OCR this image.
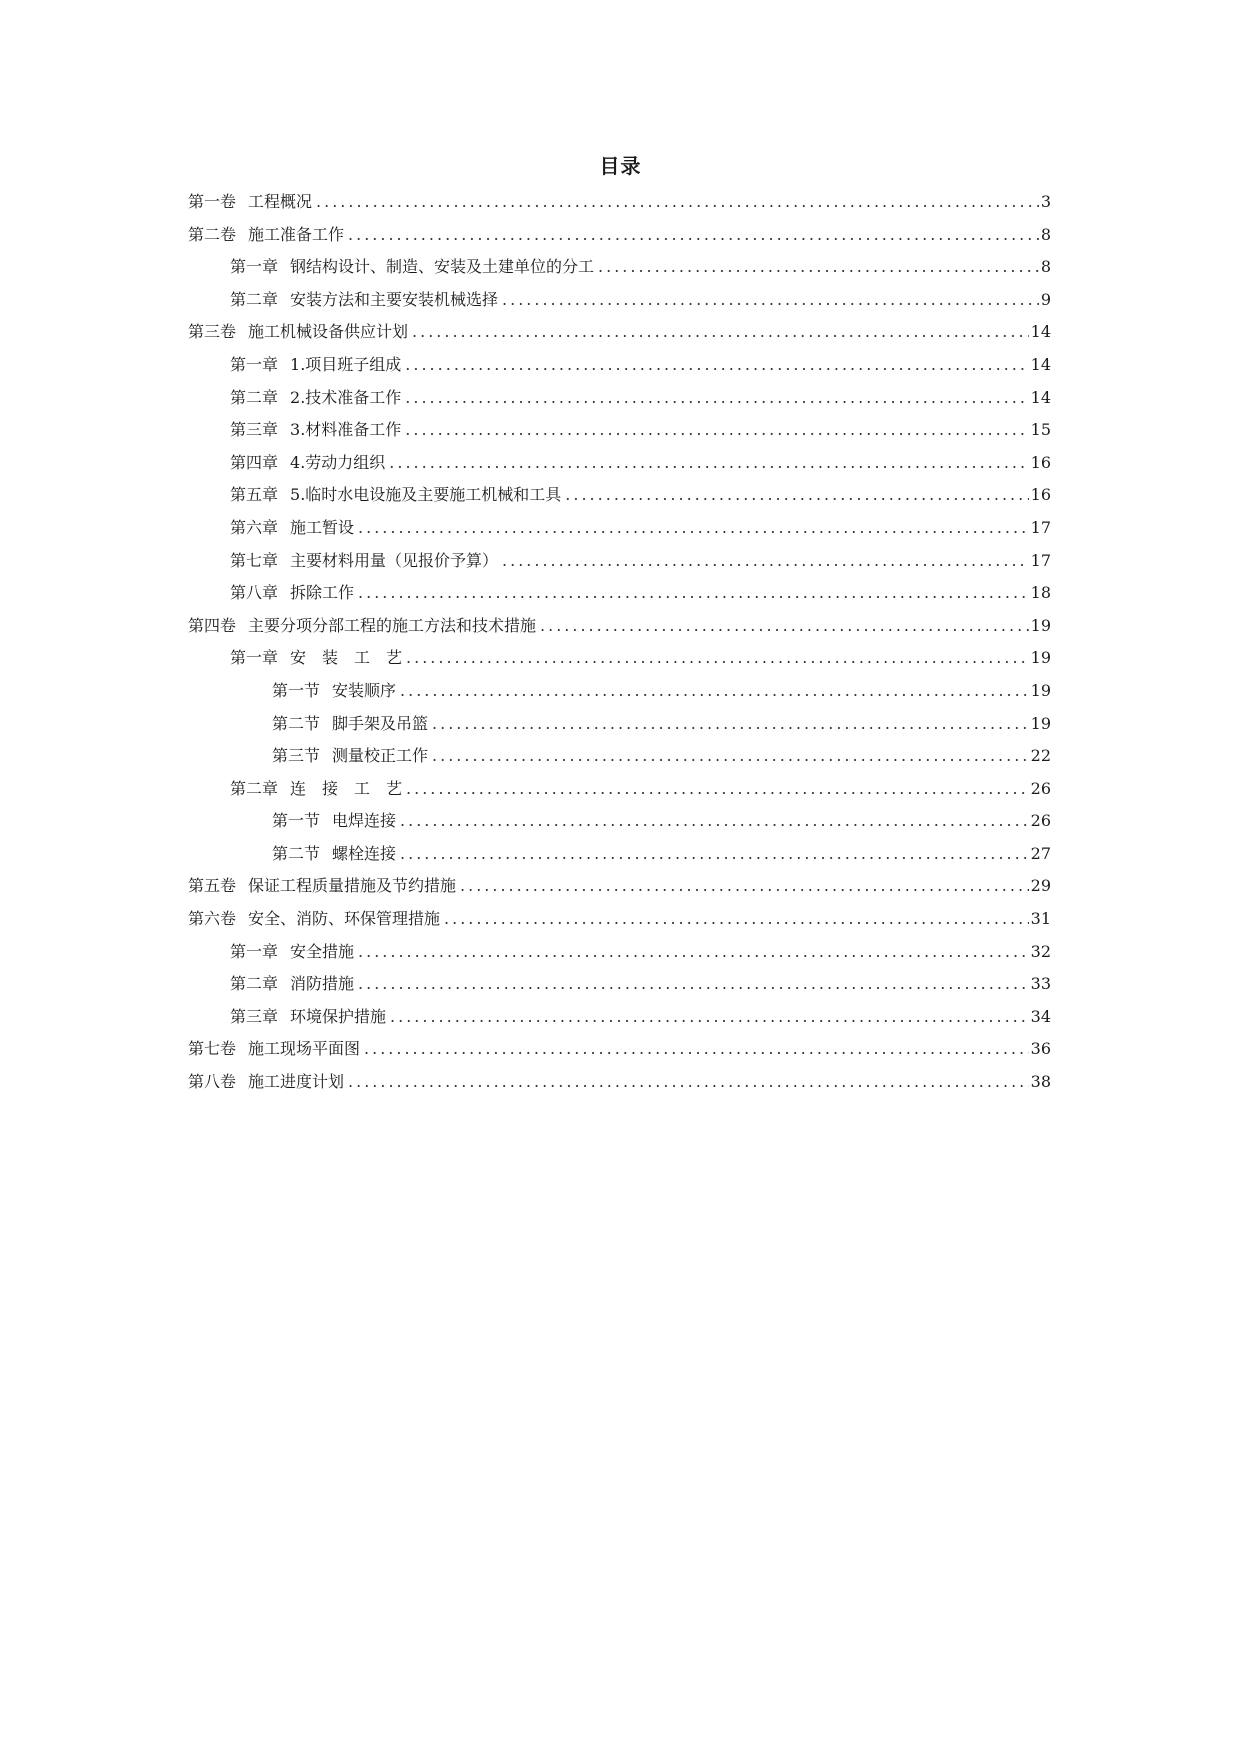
目录
第一卷 工程概况 .....	3
第二卷 施工准备工作 .....	8
第一章 钢结构设计、制造、安装及土建单位的分工 .....	8
第二章 安装方法和主要安装机械选择 .....	9
第三卷 施工机械设备供应计划 .....	14
第一章 1.项目班子组成 .....	14
第二章 2.技术准备工作 .....	14
第三章 3.材料准备工作 .....	15
第四章 4.劳动力组织 .....	16
第五章 5.临时水电设施及主要施工机械和工具 .....	16
第六章 施工暂设 .....	17
第七章 主要材料用量（见报价予算） .....	17
第八章 拆除工作 .....	18
第四卷 主要分项分部工程的施工方法和技术措施 .....	19
第一章 安　装　工　艺 .....	19
第一节 安装顺序 .....	19
第二节 脚手架及吊篮 .....	19
第三节 测量校正工作 .....	22
第二章 连　接　工　艺 .....	26
第一节 电焊连接 .....	26
第二节 螺栓连接 .....	27
第五卷 保证工程质量措施及节约措施 .....	29
第六卷 安全、消防、环保管理措施 .....	31
第一章 安全措施 .....	32
第二章 消防措施 .....	33
第三章 环境保护措施 .....	34
第七卷 施工现场平面图 .....	36
第八卷 施工进度计划 .....	38
